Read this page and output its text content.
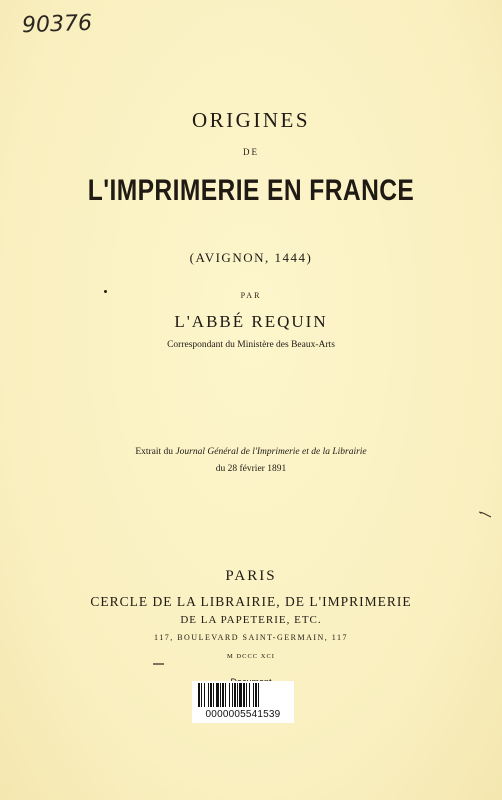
90376
ORIGINES
DE
L'IMPRIMERIE EN FRANCE
(AVIGNON, 1444)
PAR
L'ABBÉ REQUIN
Correspondant du Ministère des Beaux-Arts
Extrait du Journal Général de l'Imprimerie et de la Librairie
du 28 février 1891
PARIS
CERCLE DE LA LIBRAIRIE, DE L'IMPRIMERIE
DE LA PAPETERIE, ETC.
117, BOULEVARD SAINT-GERMAIN, 117
M DCCC XCI
0000005541539
